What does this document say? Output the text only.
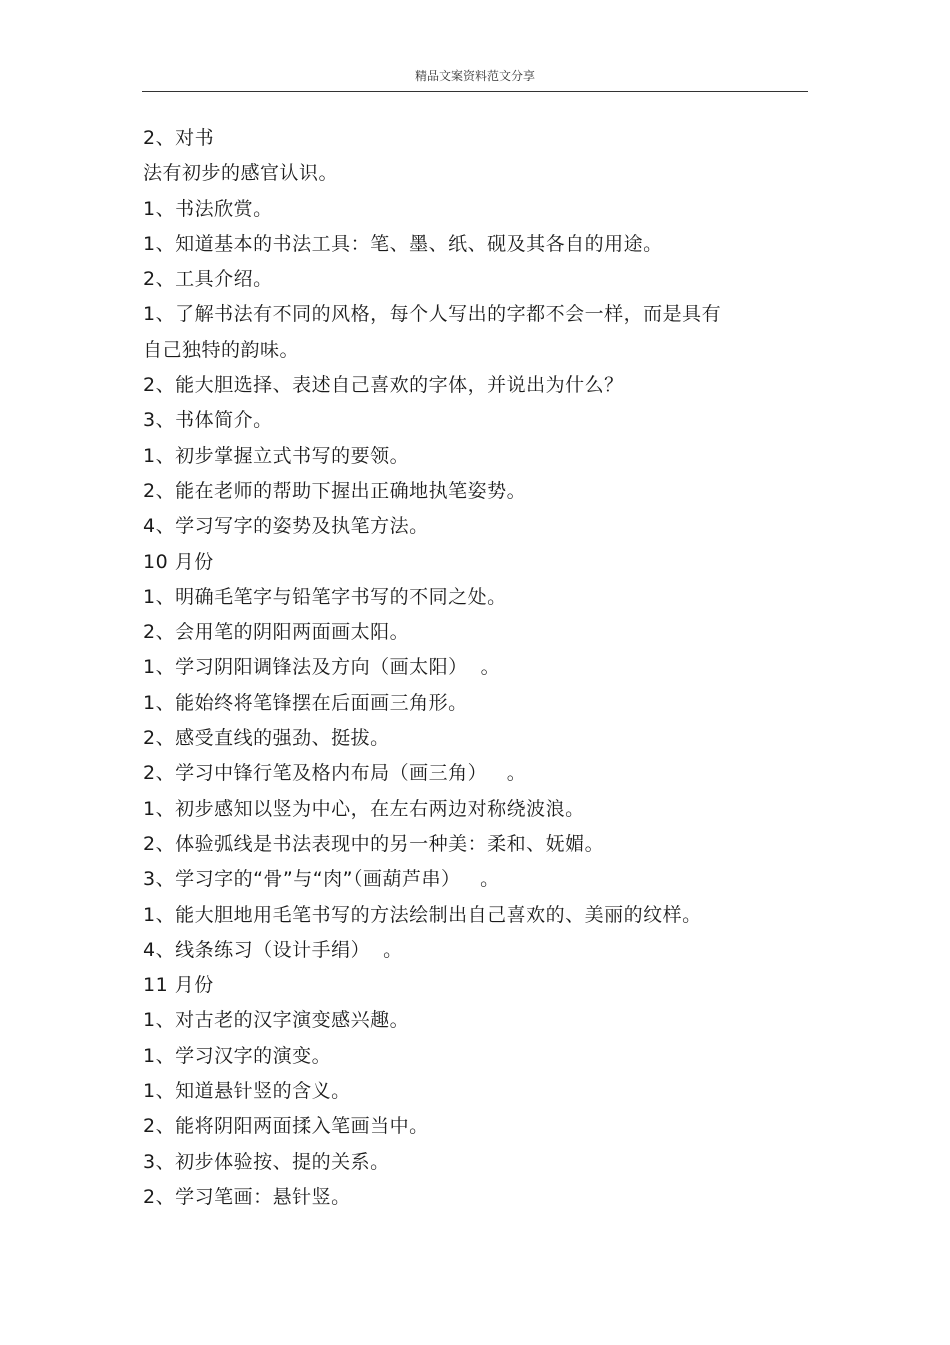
精品文案资料范文分享

2、对书

法有初步的感官认识。

1、书法欣赏。

1、知道基本的书法工具：笔、墨、纸、砚及其各自的用途。

2、工具介绍。

1、了解书法有不同的风格，每个人写出的字都不会一样，而是具有

自己独特的韵味。

2、能大胆选择、表述自己喜欢的字体，并说出为什么？

3、书体简介。

1、初步掌握立式书写的要领。

2、能在老师的帮助下握出正确地执笔姿势。

4、学习写字的姿势及执笔方法。

10 月份

1、明确毛笔字与铅笔字书写的不同之处。

2、会用笔的阴阳两面画太阳。

1、学习阴阳调锋法及方向（画太阳）  。

1、能始终将笔锋摆在后面画三角形。

2、感受直线的强劲、挺拔。

2、学习中锋行笔及格内布局（画三角）   。

1、初步感知以竖为中心，在左右两边对称绕波浪。

2、体验弧线是书法表现中的另一种美：柔和、妩媚。

3、学习字的“骨”与“肉”（画葫芦串）   。

1、能大胆地用毛笔书写的方法绘制出自己喜欢的、美丽的纹样。

4、线条练习（设计手绢）  。

11 月份

1、对古老的汉字演变感兴趣。

1、学习汉字的演变。

1、知道悬针竖的含义。

2、能将阴阳两面揉入笔画当中。

3、初步体验按、提的关系。

2、学习笔画：悬针竖。
